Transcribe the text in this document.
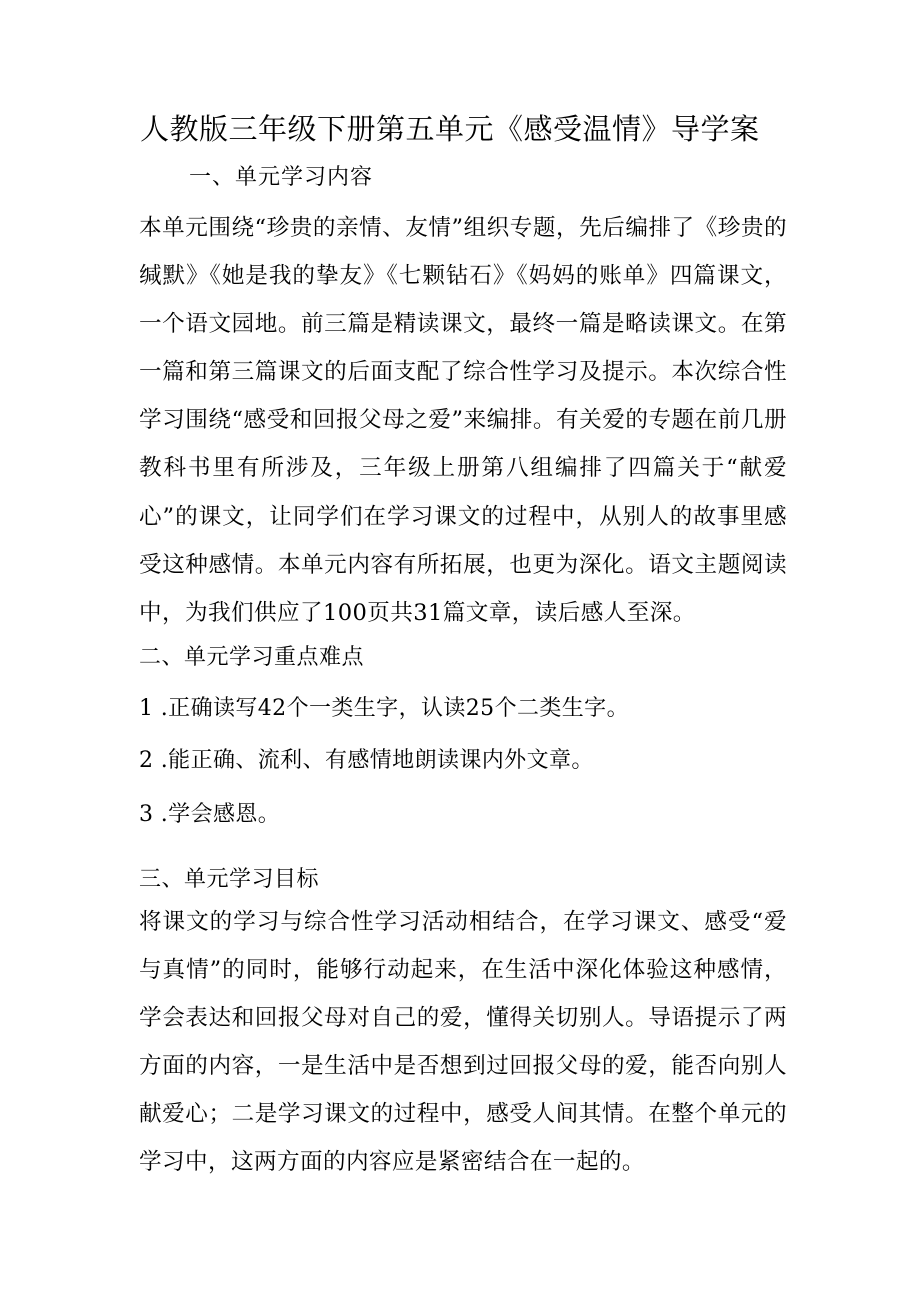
人教版三年级下册第五单元《感受温情》导学案
一、单元学习内容
本单元围绕“珍贵的亲情、友情”组织专题，先后编排了《珍贵的缄默》《她是我的挚友》《七颗钻石》《妈妈的账单》四篇课文，一个语文园地。前三篇是精读课文，最终一篇是略读课文。在第一篇和第三篇课文的后面支配了综合性学习及提示。本次综合性学习围绕“感受和回报父母之爱”来编排。有关爱的专题在前几册教科书里有所涉及，三年级上册第八组编排了四篇关于“献爱心”的课文，让同学们在学习课文的过程中，从别人的故事里感受这种感情。本单元内容有所拓展，也更为深化。语文主题阅读中，为我们供应了100页共31篇文章，读后感人至深。
二、单元学习重点难点
1 .正确读写42个一类生字，认读25个二类生字。
2 .能正确、流利、有感情地朗读课内外文章。
3 .学会感恩。
三、单元学习目标
将课文的学习与综合性学习活动相结合，在学习课文、感受“爱与真情”的同时，能够行动起来，在生活中深化体验这种感情，学会表达和回报父母对自己的爱，懂得关切别人。导语提示了两方面的内容，一是生活中是否想到过回报父母的爱，能否向别人献爱心；二是学习课文的过程中，感受人间其情。在整个单元的学习中，这两方面的内容应是紧密结合在一起的。
